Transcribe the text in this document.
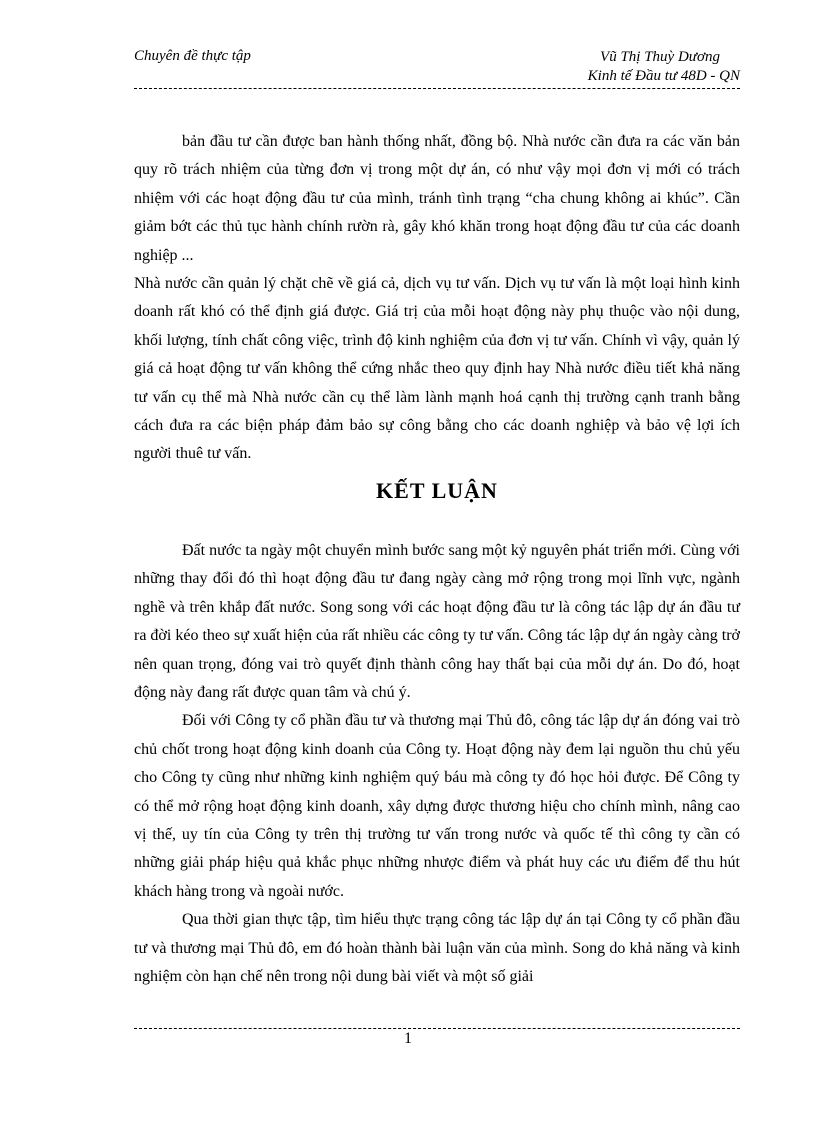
Chuyên đề thực tập	Vũ Thị Thuỳ Dương
Kinh tế Đầu tư 48D - QN

bản đầu tư cần được ban hành thống nhất, đồng bộ. Nhà nước cần đưa ra các văn bản quy rõ trách nhiệm của từng đơn vị trong một dự án, có như vậy mọi đơn vị mới có trách nhiệm với các hoạt động đầu tư của mình, tránh tình trạng “cha chung không ai khúc”. Cần giảm bớt các thủ tục hành chính rườn rà, gây khó khăn trong hoạt động đầu tư của các doanh nghiệp ...

Nhà nước cần quản lý chặt chẽ về giá cả, dịch vụ tư vấn. Dịch vụ tư vấn là một loại hình kinh doanh rất khó có thể định giá được. Giá trị của mỗi hoạt động này phụ thuộc vào nội dung, khối lượng, tính chất công việc, trình độ kinh nghiệm của đơn vị tư vấn. Chính vì vậy, quản lý giá cả hoạt động tư vấn không thể cứng nhắc theo quy định hay Nhà nước điều tiết khả năng tư vấn cụ thể mà Nhà nước cần cụ thể làm lành mạnh hoá cạnh thị trường cạnh tranh bằng cách đưa ra các biện pháp đảm bảo sự công bằng cho các doanh nghiệp và bảo vệ lợi ích người thuê tư vấn.

KẾT LUẬN

Đất nước ta ngày một chuyển mình bước sang một kỷ nguyên phát triển mới. Cùng với những thay đổi đó thì hoạt động đầu tư đang ngày càng mở rộng trong mọi lĩnh vực, ngành nghề và trên khắp đất nước. Song song với các hoạt động đầu tư là công tác lập dự án đầu tư ra đời kéo theo sự xuất hiện của rất nhiều các công ty tư vấn. Công tác lập dự án ngày càng trở nên quan trọng, đóng vai trò quyết định thành công hay thất bại của mỗi dự án. Do đó, hoạt động này đang rất được quan tâm và chú ý.

Đối với Công ty cổ phần đầu tư và thương mại Thủ đô, công tác lập dự án đóng vai trò chủ chốt trong hoạt động kinh doanh của Công ty. Hoạt động này đem lại nguồn thu chủ yếu cho Công ty cũng như những kinh nghiệm quý báu mà công ty đó học hỏi được. Để Công ty có thể mở rộng hoạt động kinh doanh, xây dựng được thương hiệu cho chính mình, nâng cao vị thế, uy tín của Công ty trên thị trường tư vấn trong nước và quốc tế thì công ty cần có những giải pháp hiệu quả khắc phục những nhược điểm và phát huy các ưu điểm để thu hút khách hàng trong và ngoài nước.

Qua thời gian thực tập, tìm hiểu thực trạng công tác lập dự án tại Công ty cổ phần đầu tư và thương mại Thủ đô, em đó hoàn thành bài luận văn của mình. Song do khả năng và kinh nghiệm còn hạn chế nên trong nội dung bài viết và một số giải

1
